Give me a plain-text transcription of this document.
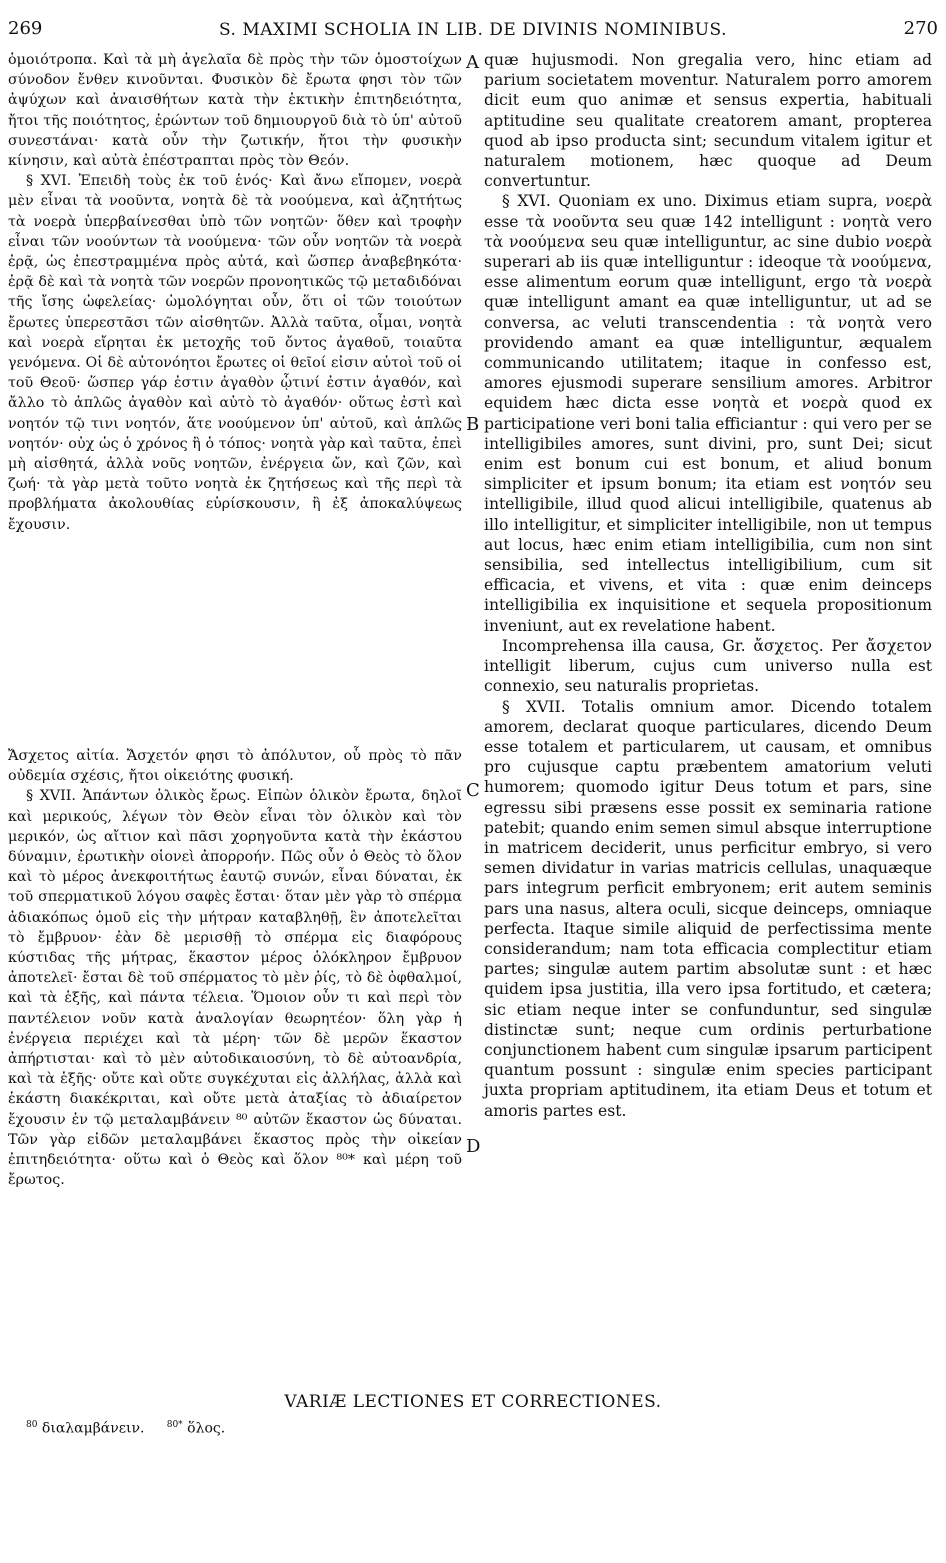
269	S. MAXIMI SCHOLIA IN LIB. DE DIVINIS NOMINIBUS.	270

ὁμοιότροπα. Καὶ τὰ μὴ ἀγελαῖα δὲ πρὸς τὴν τῶν ὁμοστοίχων σύνοδον ἔνθεν κινοῦνται. Φυσικὸν δὲ ἔρωτα φησι τὸν τῶν ἀψύχων καὶ ἀναισθήτων κατὰ τὴν ἑκτικὴν ἐπιτηδειότητα, ἤτοι τῆς ποιότητος, ἐρώντων τοῦ δημιουργοῦ διὰ τὸ ὑπ' αὐτοῦ συνεστάναι· κατὰ οὖν τὴν ζωτικήν, ἤτοι τὴν φυσικὴν κίνησιν, καὶ αὐτὰ ἐπέστραπται πρὸς τὸν Θεόν.

§ XVI. Ἐπειδὴ τοὺς ἐκ τοῦ ἑνός· Καὶ ἄνω εἴπομεν, νοερὰ μὲν εἶναι τὰ νοοῦντα, νοητὰ δὲ τὰ νοούμενα, καὶ ἀζητήτως τὰ νοερὰ ὑπερβαίνεσθαι ὑπὸ τῶν νοητῶν· ὅθεν καὶ τροφὴν εἶναι τῶν νοούντων τὰ νοούμενα· τῶν οὖν νοητῶν τὰ νοερὰ ἐρᾷ, ὡς ἐπεστραμμένα πρὸς αὐτά, καὶ ὥσπερ ἀναβεβηκότα· ἐρᾷ δὲ καὶ τὰ νοητὰ τῶν νοερῶν προνοητικῶς τῷ μεταδιδόναι τῆς ἴσης ὠφελείας· ὡμολόγηται οὖν, ὅτι οἱ τῶν τοιούτων ἔρωτες ὑπερεστᾶσι τῶν αἰσθητῶν. Ἀλλὰ ταῦτα, οἶμαι, νοητὰ καὶ νοερὰ εἴρηται ἐκ μετοχῆς τοῦ ὄντος ἀγαθοῦ, τοιαῦτα γενόμενα. Οἱ δὲ αὐτονόητοι ἔρωτες οἱ θεῖοί εἰσιν αὐτοὶ τοῦ οἱ τοῦ Θεοῦ· ὥσπερ γάρ ἐστιν ἀγαθὸν ᾧτινί ἐστιν ἀγαθόν, καὶ ἄλλο τὸ ἁπλῶς ἀγαθὸν καὶ αὐτὸ τὸ ἀγαθόν· οὕτως ἐστὶ καὶ νοητόν τῷ τινι νοητόν, ἅτε νοούμενον ὑπ' αὐτοῦ, καὶ ἁπλῶς νοητόν· οὐχ ὡς ὁ χρόνος ἢ ὁ τόπος· νοητὰ γὰρ καὶ ταῦτα, ἐπεὶ μὴ αἰσθητά, ἀλλὰ νοῦς νοητῶν, ἐνέργεια ὤν, καὶ ζῶν, καὶ ζωή· τὰ γὰρ μετὰ τοῦτο νοητὰ ἐκ ζητήσεως καὶ τῆς περὶ τὰ προβλήματα ἀκολουθίας εὑρίσκουσιν, ἢ ἐξ ἀποκαλύψεως ἔχουσιν.

Ἄσχετος αἰτία. Ἄσχετόν φησι τὸ ἀπόλυτον, οὗ πρὸς τὸ πᾶν οὐδεμία σχέσις, ἤτοι οἰκειότης φυσική.

§ XVII. Ἁπάντων ὁλικὸς ἔρως. Εἰπὼν ὁλικὸν ἔρωτα, δηλοῖ καὶ μερικούς, λέγων τὸν Θεὸν εἶναι τὸν ὁλικὸν καὶ τὸν μερικόν, ὡς αἴτιον καὶ πᾶσι χορηγοῦντα κατὰ τὴν ἑκάστου δύναμιν, ἐρωτικὴν οἱονεὶ ἀπορροήν. Πῶς οὖν ὁ Θεὸς τὸ ὅλον καὶ τὸ μέρος ἀνεκφοιτήτως ἑαυτῷ συνών, εἶναι δύναται, ἐκ τοῦ σπερματικοῦ λόγου σαφὲς ἔσται· ὅταν μὲν γὰρ τὸ σπέρμα ἀδιακόπως ὁμοῦ εἰς τὴν μήτραν καταβληθῇ, ἓν ἀποτελεῖται τὸ ἔμβρυον· ἐὰν δὲ μερισθῇ τὸ σπέρμα εἰς διαφόρους κύστιδας τῆς μήτρας, ἕκαστον μέρος ὁλόκληρον ἔμβρυον ἀποτελεῖ· ἔσται δὲ τοῦ σπέρματος τὸ μὲν ῥίς, τὸ δὲ ὀφθαλμοί, καὶ τὰ ἑξῆς, καὶ πάντα τέλεια. Ὅμοιον οὖν τι καὶ περὶ τὸν παντέλειον νοῦν κατὰ ἀναλογίαν θεωρητέον· ὅλη γὰρ ἡ ἐνέργεια περιέχει καὶ τὰ μέρη· τῶν δὲ μερῶν ἕκαστον ἀπήρτισται· καὶ τὸ μὲν αὐτοδικαιοσύνη, τὸ δὲ αὐτοανδρία, καὶ τὰ ἑξῆς· οὔτε καὶ οὔτε συγκέχυται εἰς ἀλλήλας, ἀλλὰ καὶ ἑκάστη διακέκριται, καὶ οὔτε μετὰ ἀταξίας τὸ ἀδιαίρετον ἔχουσιν ἐν τῷ μεταλαμβάνειν ⁸⁰ αὐτῶν ἕκαστον ὡς δύναται. Τῶν γὰρ εἰδῶν μεταλαμβάνει ἕκαστος πρὸς τὴν οἰκείαν ἐπιτηδειότητα· οὕτω καὶ ὁ Θεὸς καὶ ὅλον ⁸⁰* καὶ μέρη τοῦ ἔρωτος.

quæ hujusmodi. Non gregalia vero, hinc etiam ad parium societatem moventur. Naturalem porro amorem dicit eum quo animæ et sensus expertia, habituali aptitudine seu qualitate creatorem amant, propterea quod ab ipso producta sint; secundum vitalem igitur et naturalem motionem, hæc quoque ad Deum convertuntur.

§ XVI. Quoniam ex uno. Diximus etiam supra, νοερὰ esse τὰ νοοῦντα seu quæ 142 intelligunt : νοητὰ vero τὰ νοούμενα seu quæ intelliguntur, ac sine dubio νοερὰ superari ab iis quæ intelliguntur : ideoque τὰ νοούμενα, esse alimentum eorum quæ intelligunt, ergo τὰ νοερὰ quæ intelligunt amant ea quæ intelliguntur, ut ad se conversa, ac veluti transcendentia : τὰ νοητὰ vero providendo amant ea quæ intelliguntur, æqualem communicando utilitatem; itaque in confesso est, amores ejusmodi superare sensilium amores. Arbitror equidem hæc dicta esse νοητὰ et νοερὰ quod ex participatione veri boni talia efficiantur : qui vero per se intelligibiles amores, sunt divini, pro, sunt Dei; sicut enim est bonum cui est bonum, et aliud bonum simpliciter et ipsum bonum; ita etiam est νοητόν seu intelligibile, illud quod alicui intelligibile, quatenus ab illo intelligitur, et simpliciter intelligibile, non ut tempus aut locus, hæc enim etiam intelligibilia, cum non sint sensibilia, sed intellectus intelligibilium, cum sit efficacia, et vivens, et vita : quæ enim deinceps intelligibilia ex inquisitione et sequela propositionum inveniunt, aut ex revelatione habent.

Incomprehensa illa causa, Gr. ἄσχετος. Per ἄσχετον intelligit liberum, cujus cum universo nulla est connexio, seu naturalis proprietas.

§ XVII. Totalis omnium amor. Dicendo totalem amorem, declarat quoque particulares, dicendo Deum esse totalem et particularem, ut causam, et omnibus pro cujusque captu præbentem amatorium veluti humorem; quomodo igitur Deus totum et pars, sine egressu sibi præsens esse possit ex seminaria ratione patebit; quando enim semen simul absque interruptione in matricem deciderit, unus perficitur embryo, si vero semen dividatur in varias matricis cellulas, unaquæque pars integrum perficit embryonem; erit autem seminis pars una nasus, altera oculi, sicque deinceps, omniaque perfecta. Itaque simile aliquid de perfectissima mente considerandum; nam tota efficacia complectitur etiam partes; singulæ autem partim absolutæ sunt : et hæc quidem ipsa justitia, illa vero ipsa fortitudo, et cætera; sic etiam neque inter se confunduntur, sed singulæ distinctæ sunt; neque cum ordinis perturbatione conjunctionem habent cum singulæ ipsarum participent quantum possunt : singulæ enim species participant juxta propriam aptitudinem, ita etiam Deus et totum et amoris partes est.

A
B
C
D
VARIÆ LECTIONES ET CORRECTIONES.
$^{80}$ διαλαμβάνειν. $^{80*}$ ὅλος.
